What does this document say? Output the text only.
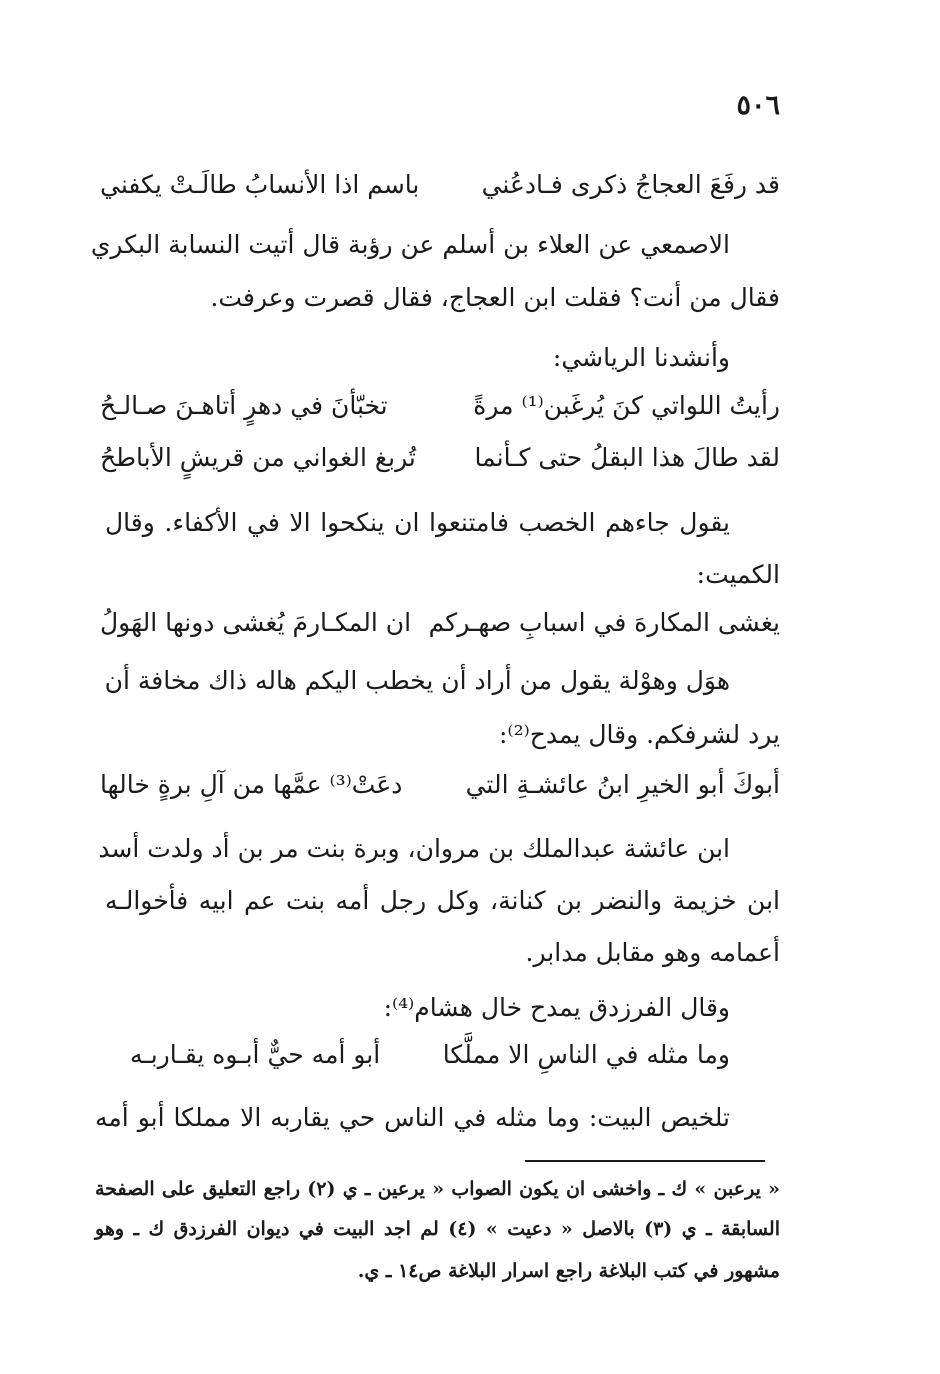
٥٠٦
قد رفَعَ العجاجُ ذكرى فـادعُني
باسم اذا الأنسابُ طالَـتْ يكفني
الاصمعي عن العلاء بن أسلم عن رؤبة قال أتيت النسابة البكري
فقال من أنت؟ فقلت ابن العجاج، فقال قصرت وعرفت.
وأنشدنا الرياشي:
رأيتُ اللواتي كنَ يُرغَبن⁽¹⁾ مرةً
تخبّأنَ في دهرٍ أتاهـنَ صـالـحُ
لقد طالَ هذا البقلُ حتى كـأنما
تُربغ الغواني من قريشٍ الأباطحُ
يقول جاءهم الخصب فامتنعوا ان ينكحوا الا في الأكفاء. وقال
الكميت:
يغشى المكارهَ في اسبابِ صهـركم
ان المكـارمَ يُغشى دونها الهَولُ
هوَل وهوْلة يقول من أراد أن يخطب اليكم هاله ذاك مخافة أن
يرد لشرفكم. وقال يمدح⁽²⁾:
أبوكَ أبو الخيرِ ابنُ عائشـةِ التي
دعَتْ⁽³⁾ عمَّها من آلِ برةٍ خالها
ابن عائشة عبدالملك بن مروان، وبرة بنت مر بن أد ولدت أسد
ابن خزيمة والنضر بن كنانة، وكل رجل أمه بنت عم ابيه فأخوالـه
أعمامه وهو مقابل مدابر.
وقال الفرزدق يمدح خال هشام⁽⁴⁾:
وما مثله في الناسِ الا مملَّكا
أبو أمه حيٌّ أبـوه يقـاربـه
تلخيص البيت: وما مثله في الناس حي يقاربه الا مملكا أبو أمه
« يرعبن » ك ـ واخشى ان يكون الصواب « يرعين ـ ي (٢) راجع التعليق على الصفحة
السابقة ـ ي (٣) بالاصل « دعيت » (٤) لم اجد البيت في ديوان الفرزدق ك ـ وهو
مشهور في كتب البلاغة راجع اسرار البلاغة ص١٤ ـ ي.
